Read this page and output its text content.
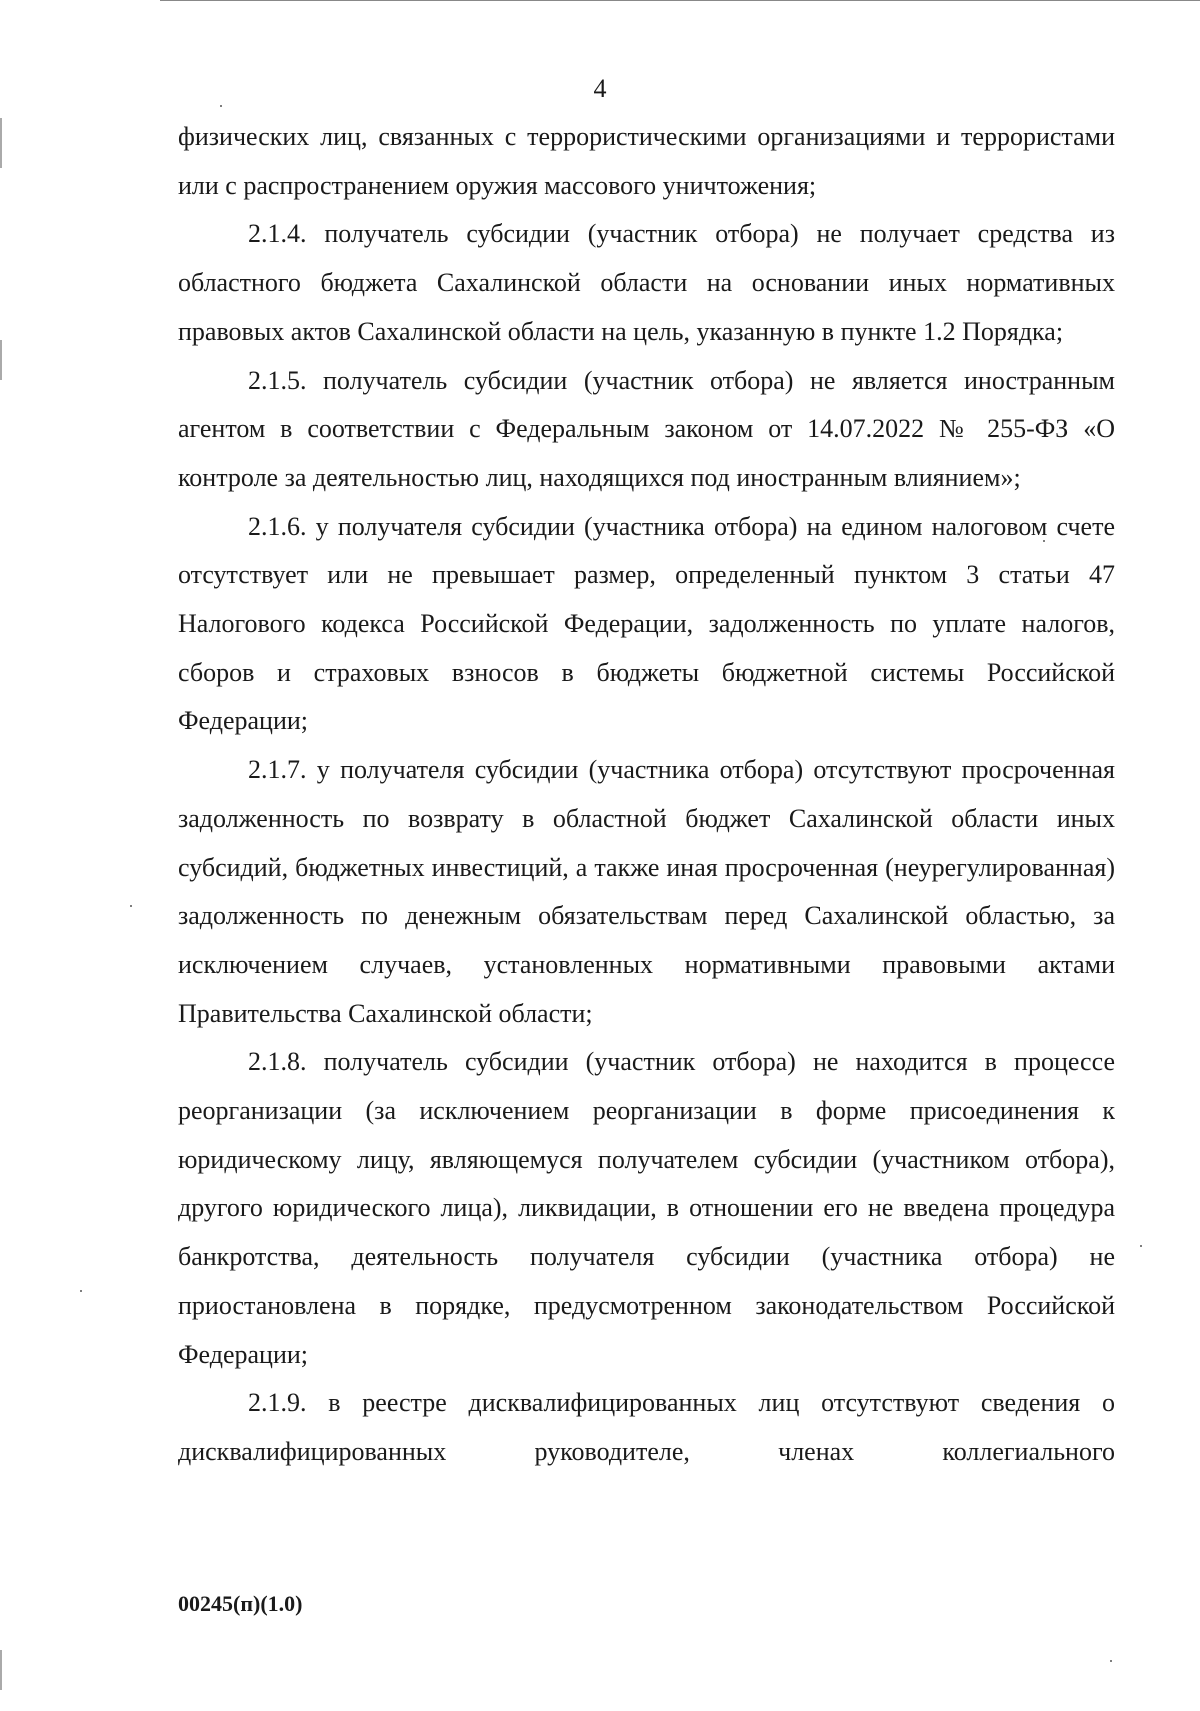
4

физических лиц, связанных с террористическими организациями и террористами или с распространением оружия массового уничтожения;

2.1.4. получатель субсидии (участник отбора) не получает средства из областного бюджета Сахалинской области на основании иных нормативных правовых актов Сахалинской области на цель, указанную в пункте 1.2 Порядка;

2.1.5. получатель субсидии (участник отбора) не является иностранным агентом в соответствии с Федеральным законом от 14.07.2022 № 255-ФЗ «О контроле за деятельностью лиц, находящихся под иностранным влиянием»;

2.1.6. у получателя субсидии (участника отбора) на едином налоговом счете отсутствует или не превышает размер, определенный пунктом 3 статьи 47 Налогового кодекса Российской Федерации, задолженность по уплате налогов, сборов и страховых взносов в бюджеты бюджетной системы Российской Федерации;

2.1.7. у получателя субсидии (участника отбора) отсутствуют просроченная задолженность по возврату в областной бюджет Сахалинской области иных субсидий, бюджетных инвестиций, а также иная просроченная (неурегулированная) задолженность по денежным обязательствам перед Сахалинской областью, за исключением случаев, установленных нормативными правовыми актами Правительства Сахалинской области;

2.1.8. получатель субсидии (участник отбора) не находится в процессе реорганизации (за исключением реорганизации в форме присоединения к юридическому лицу, являющемуся получателем субсидии (участником отбора), другого юридического лица), ликвидации, в отношении его не введена процедура банкротства, деятельность получателя субсидии (участника отбора) не приостановлена в порядке, предусмотренном законодательством Российской Федерации;

2.1.9. в реестре дисквалифицированных лиц отсутствуют сведения о дисквалифицированных руководителе, членах коллегиального

00245(п)(1.0)
